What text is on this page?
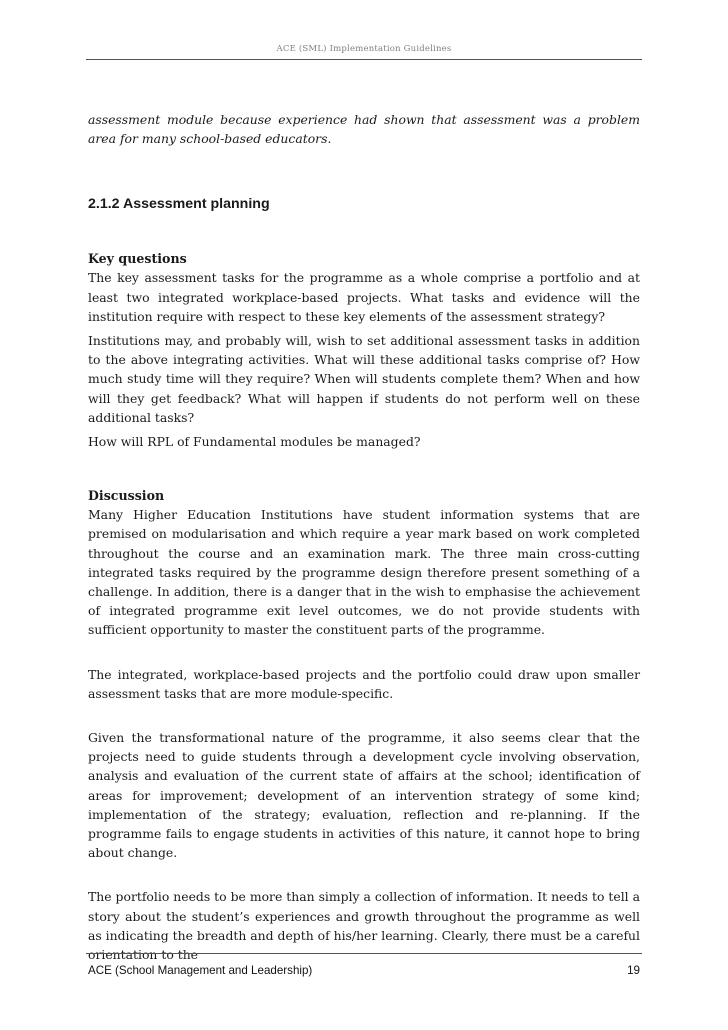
ACE (SML) Implementation Guidelines

assessment module because experience had shown that assessment was a problem area for many school-based educators.

2.1.2 Assessment planning
Key questions

The key assessment tasks for the programme as a whole comprise a portfolio and at least two integrated workplace-based projects. What tasks and evidence will the institution require with respect to these key elements of the assessment strategy?

Institutions may, and probably will, wish to set additional assessment tasks in addition to the above integrating activities. What will these additional tasks comprise of? How much study time will they require? When will students complete them? When and how will they get feedback? What will happen if students do not perform well on these additional tasks?

How will RPL of Fundamental modules be managed?

Discussion

Many Higher Education Institutions have student information systems that are premised on modularisation and which require a year mark based on work completed throughout the course and an examination mark. The three main cross-cutting integrated tasks required by the programme design therefore present something of a challenge. In addition, there is a danger that in the wish to emphasise the achievement of integrated programme exit level outcomes, we do not provide students with sufficient opportunity to master the constituent parts of the programme.

The integrated, workplace-based projects and the portfolio could draw upon smaller assessment tasks that are more module-specific.

Given the transformational nature of the programme, it also seems clear that the projects need to guide students through a development cycle involving observation, analysis and evaluation of the current state of affairs at the school; identification of areas for improvement; development of an intervention strategy of some kind; implementation of the strategy; evaluation, reflection and re-planning. If the programme fails to engage students in activities of this nature, it cannot hope to bring about change.

The portfolio needs to be more than simply a collection of information. It needs to tell a story about the student’s experiences and growth throughout the programme as well as indicating the breadth and depth of his/her learning. Clearly, there must be a careful orientation to the

ACE (School Management and Leadership)	19
